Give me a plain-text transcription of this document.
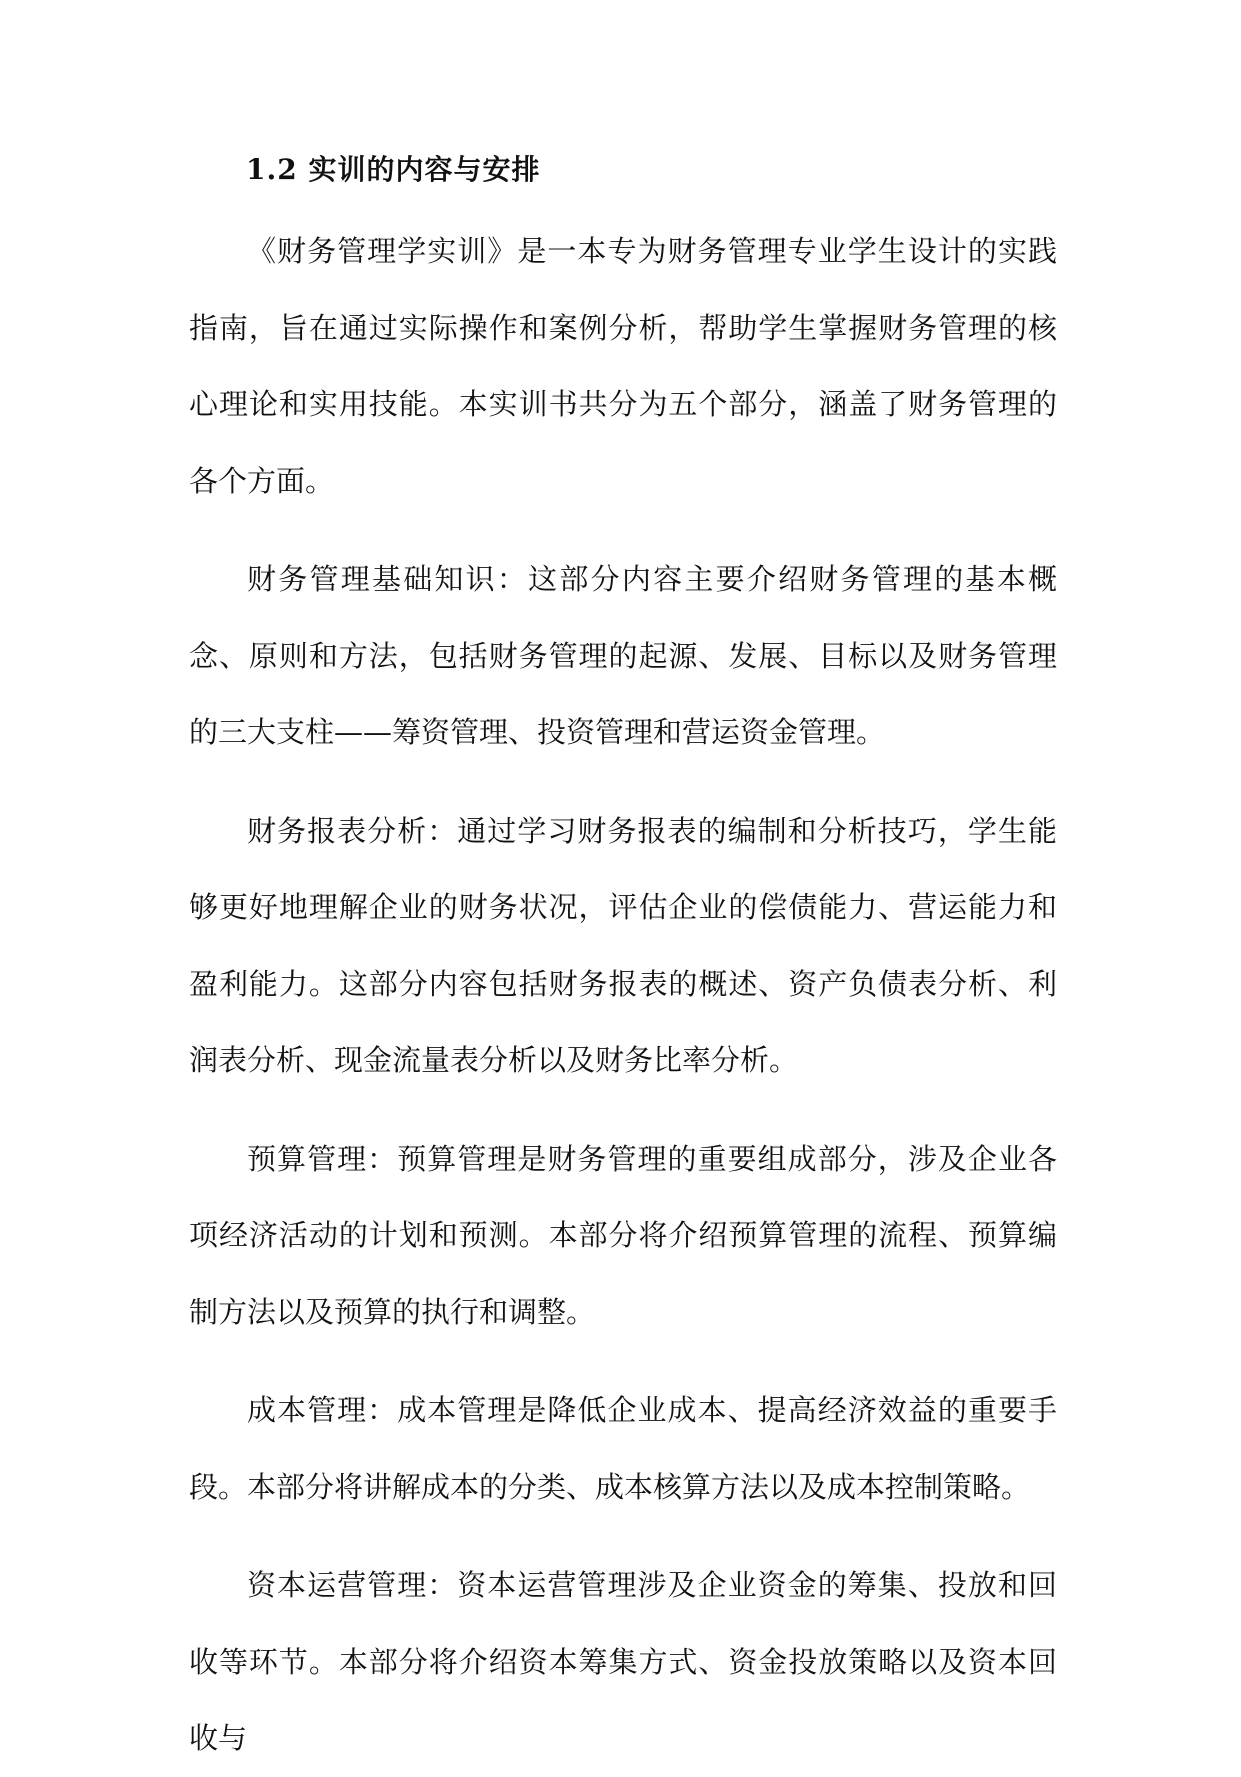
1.2 实训的内容与安排

《财务管理学实训》是一本专为财务管理专业学生设计的实践指南，旨在通过实际操作和案例分析，帮助学生掌握财务管理的核心理论和实用技能。本实训书共分为五个部分，涵盖了财务管理的各个方面。

财务管理基础知识：这部分内容主要介绍财务管理的基本概念、原则和方法，包括财务管理的起源、发展、目标以及财务管理的三大支柱——筹资管理、投资管理和营运资金管理。

财务报表分析：通过学习财务报表的编制和分析技巧，学生能够更好地理解企业的财务状况，评估企业的偿债能力、营运能力和盈利能力。这部分内容包括财务报表的概述、资产负债表分析、利润表分析、现金流量表分析以及财务比率分析。

预算管理：预算管理是财务管理的重要组成部分，涉及企业各项经济活动的计划和预测。本部分将介绍预算管理的流程、预算编制方法以及预算的执行和调整。

成本管理：成本管理是降低企业成本、提高经济效益的重要手段。本部分将讲解成本的分类、成本核算方法以及成本控制策略。

资本运营管理：资本运营管理涉及企业资金的筹集、投放和回收等环节。本部分将介绍资本筹集方式、资金投放策略以及资本回收与
